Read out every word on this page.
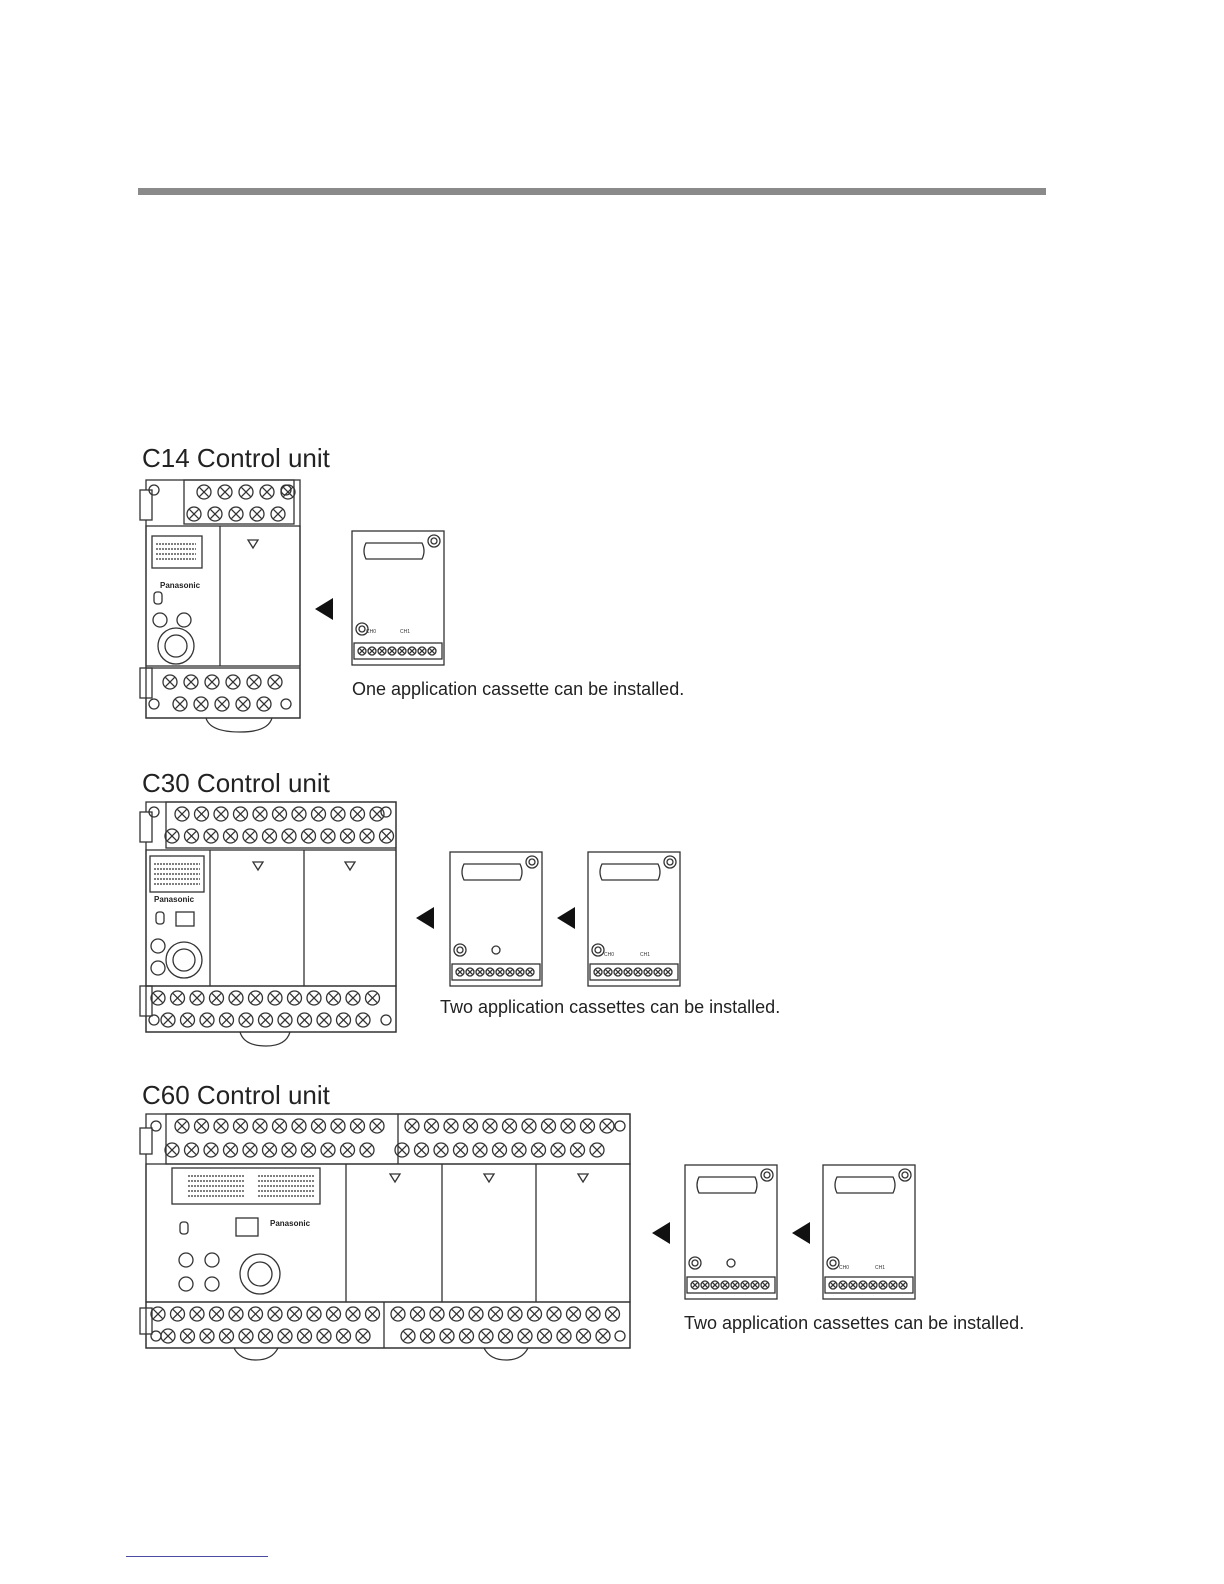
C14 Control unit
Panasonic
CH0	CH1
One application cassette can be installed.
C30 Control unit
Panasonic
CH0	CH1
Two application cassettes can be installed.
C60 Control unit
Panasonic
CH0	CH1
Two application cassettes can be installed.
